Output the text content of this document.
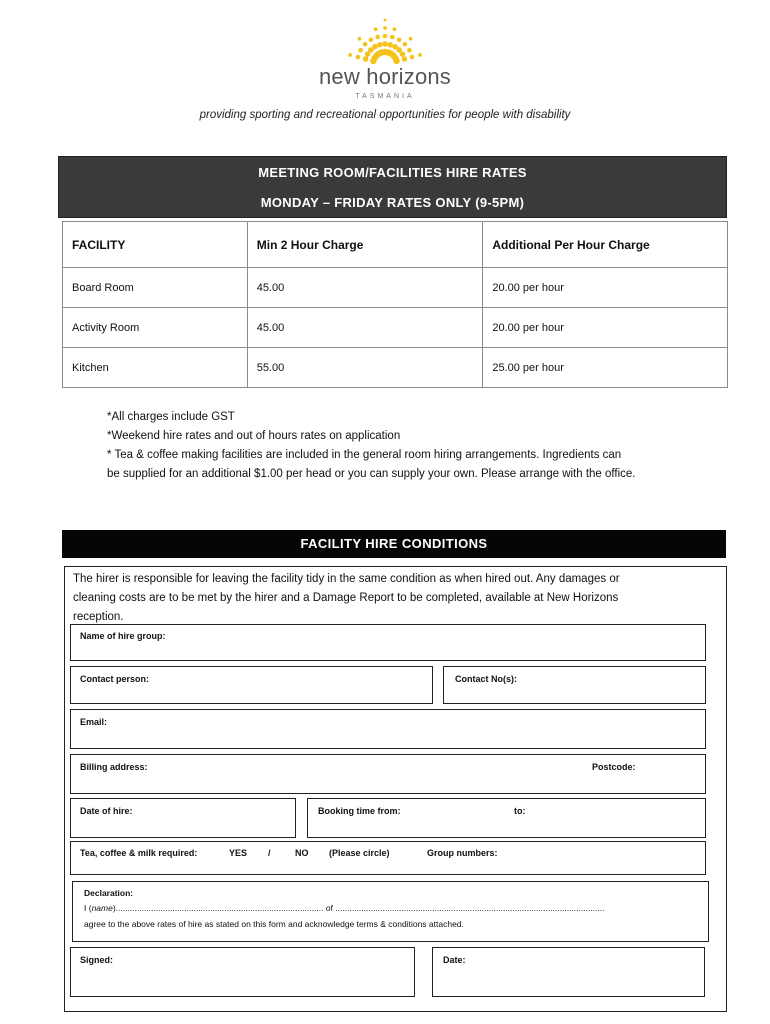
new horizons
TASMANIA
providing sporting and recreational opportunities for people with disability
MEETING ROOM/FACILITIES HIRE RATES
MONDAY – FRIDAY RATES ONLY (9-5PM)
FACILITY	Min 2 Hour Charge	Additional Per Hour Charge
Board Room	45.00	20.00 per hour
Activity Room	45.00	20.00 per hour
Kitchen	55.00	25.00 per hour
*All charges include GST
*Weekend hire rates and out of hours rates on application
* Tea & coffee making facilities are included in the general room hiring arrangements. Ingredients can
be supplied for an additional $1.00 per head or you can supply your own. Please arrange with the office.
FACILITY HIRE CONDITIONS
The hirer is responsible for leaving the facility tidy in the same condition as when hired out. Any damages or
cleaning costs are to be met by the hirer and a Damage Report to be completed, available at New Horizons
reception.
Name of hire group:
Contact person:	Contact No(s):
Email:
Billing address:	Postcode:
Date of hire:	Booking time from:	to:
Tea, coffee & milk required:	YES /	NO (Please circle)	Group numbers:
Declaration:
I (name)........................................................................................ of ..................................................................................................................
agree to the above rates of hire as stated on this form and acknowledge terms & conditions attached.
Signed:	Date:
